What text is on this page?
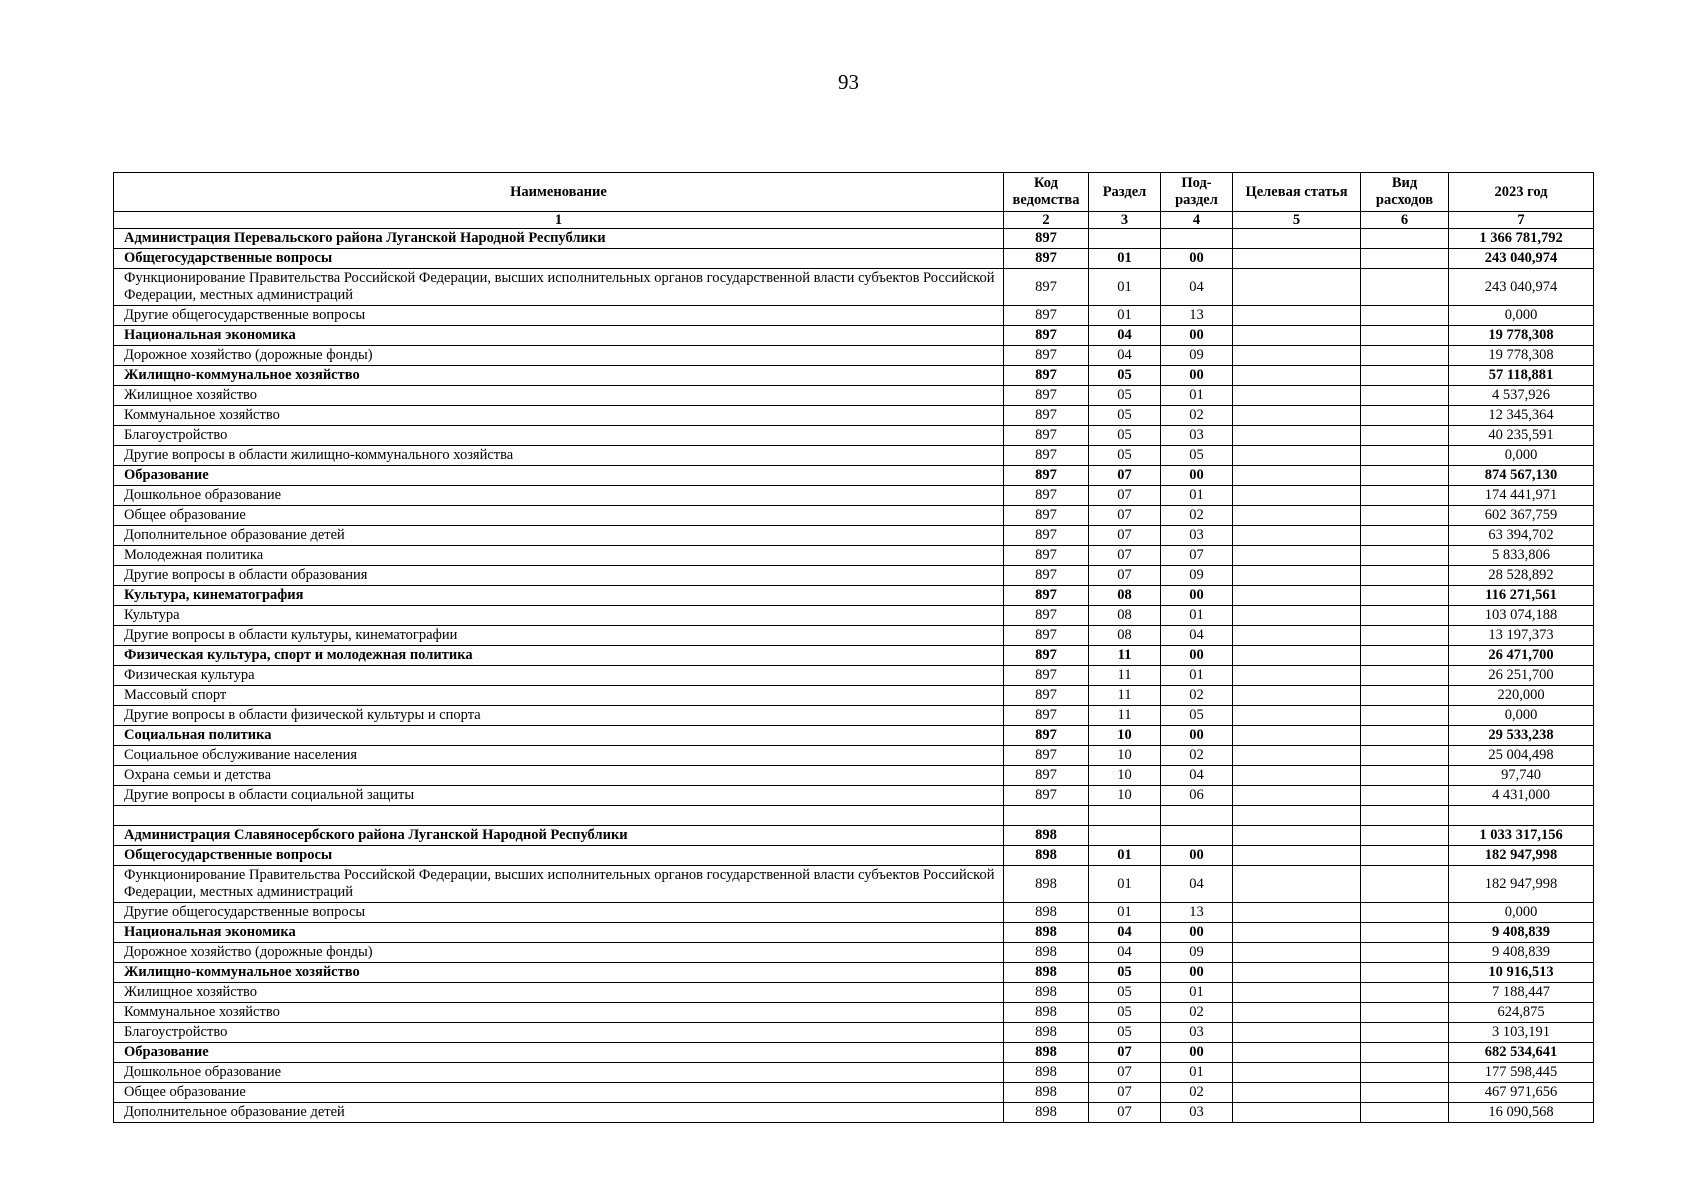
93
Наименование	Код ведомства	Раздел	Под-раздел	Целевая статья	Вид расходов	2023 год
1	2	3	4	5	6	7
Администрация Перевальского района Луганской Народной Республики	897					1 366 781,792
Общегосударственные вопросы	897	01	00			243 040,974
Функционирование Правительства Российской Федерации, высших исполнительных органов государственной власти субъектов Российской Федерации, местных администраций	897	01	04			243 040,974
Другие общегосударственные вопросы	897	01	13			0,000
Национальная экономика	897	04	00			19 778,308
Дорожное хозяйство (дорожные фонды)	897	04	09			19 778,308
Жилищно-коммунальное хозяйство	897	05	00			57 118,881
Жилищное хозяйство	897	05	01			4 537,926
Коммунальное хозяйство	897	05	02			12 345,364
Благоустройство	897	05	03			40 235,591
Другие вопросы в области жилищно-коммунального хозяйства	897	05	05			0,000
Образование	897	07	00			874 567,130
Дошкольное образование	897	07	01			174 441,971
Общее образование	897	07	02			602 367,759
Дополнительное образование детей	897	07	03			63 394,702
Молодежная политика	897	07	07			5 833,806
Другие вопросы в области образования	897	07	09			28 528,892
Культура, кинематография	897	08	00			116 271,561
Культура	897	08	01			103 074,188
Другие вопросы в области культуры, кинематографии	897	08	04			13 197,373
Физическая культура, спорт и молодежная политика	897	11	00			26 471,700
Физическая культура	897	11	01			26 251,700
Массовый спорт	897	11	02			220,000
Другие вопросы в области физической культуры и спорта	897	11	05			0,000
Социальная политика	897	10	00			29 533,238
Социальное обслуживание населения	897	10	02			25 004,498
Охрана семьи и детства	897	10	04			97,740
Другие вопросы в области социальной защиты	897	10	06			4 431,000

Администрация Славяносербского района Луганской Народной Республики	898					1 033 317,156
Общегосударственные вопросы	898	01	00			182 947,998
Функционирование Правительства Российской Федерации, высших исполнительных органов государственной власти субъектов Российской Федерации, местных администраций	898	01	04			182 947,998
Другие общегосударственные вопросы	898	01	13			0,000
Национальная экономика	898	04	00			9 408,839
Дорожное хозяйство (дорожные фонды)	898	04	09			9 408,839
Жилищно-коммунальное хозяйство	898	05	00			10 916,513
Жилищное хозяйство	898	05	01			7 188,447
Коммунальное хозяйство	898	05	02			624,875
Благоустройство	898	05	03			3 103,191
Образование	898	07	00			682 534,641
Дошкольное образование	898	07	01			177 598,445
Общее образование	898	07	02			467 971,656
Дополнительное образование детей	898	07	03			16 090,568
